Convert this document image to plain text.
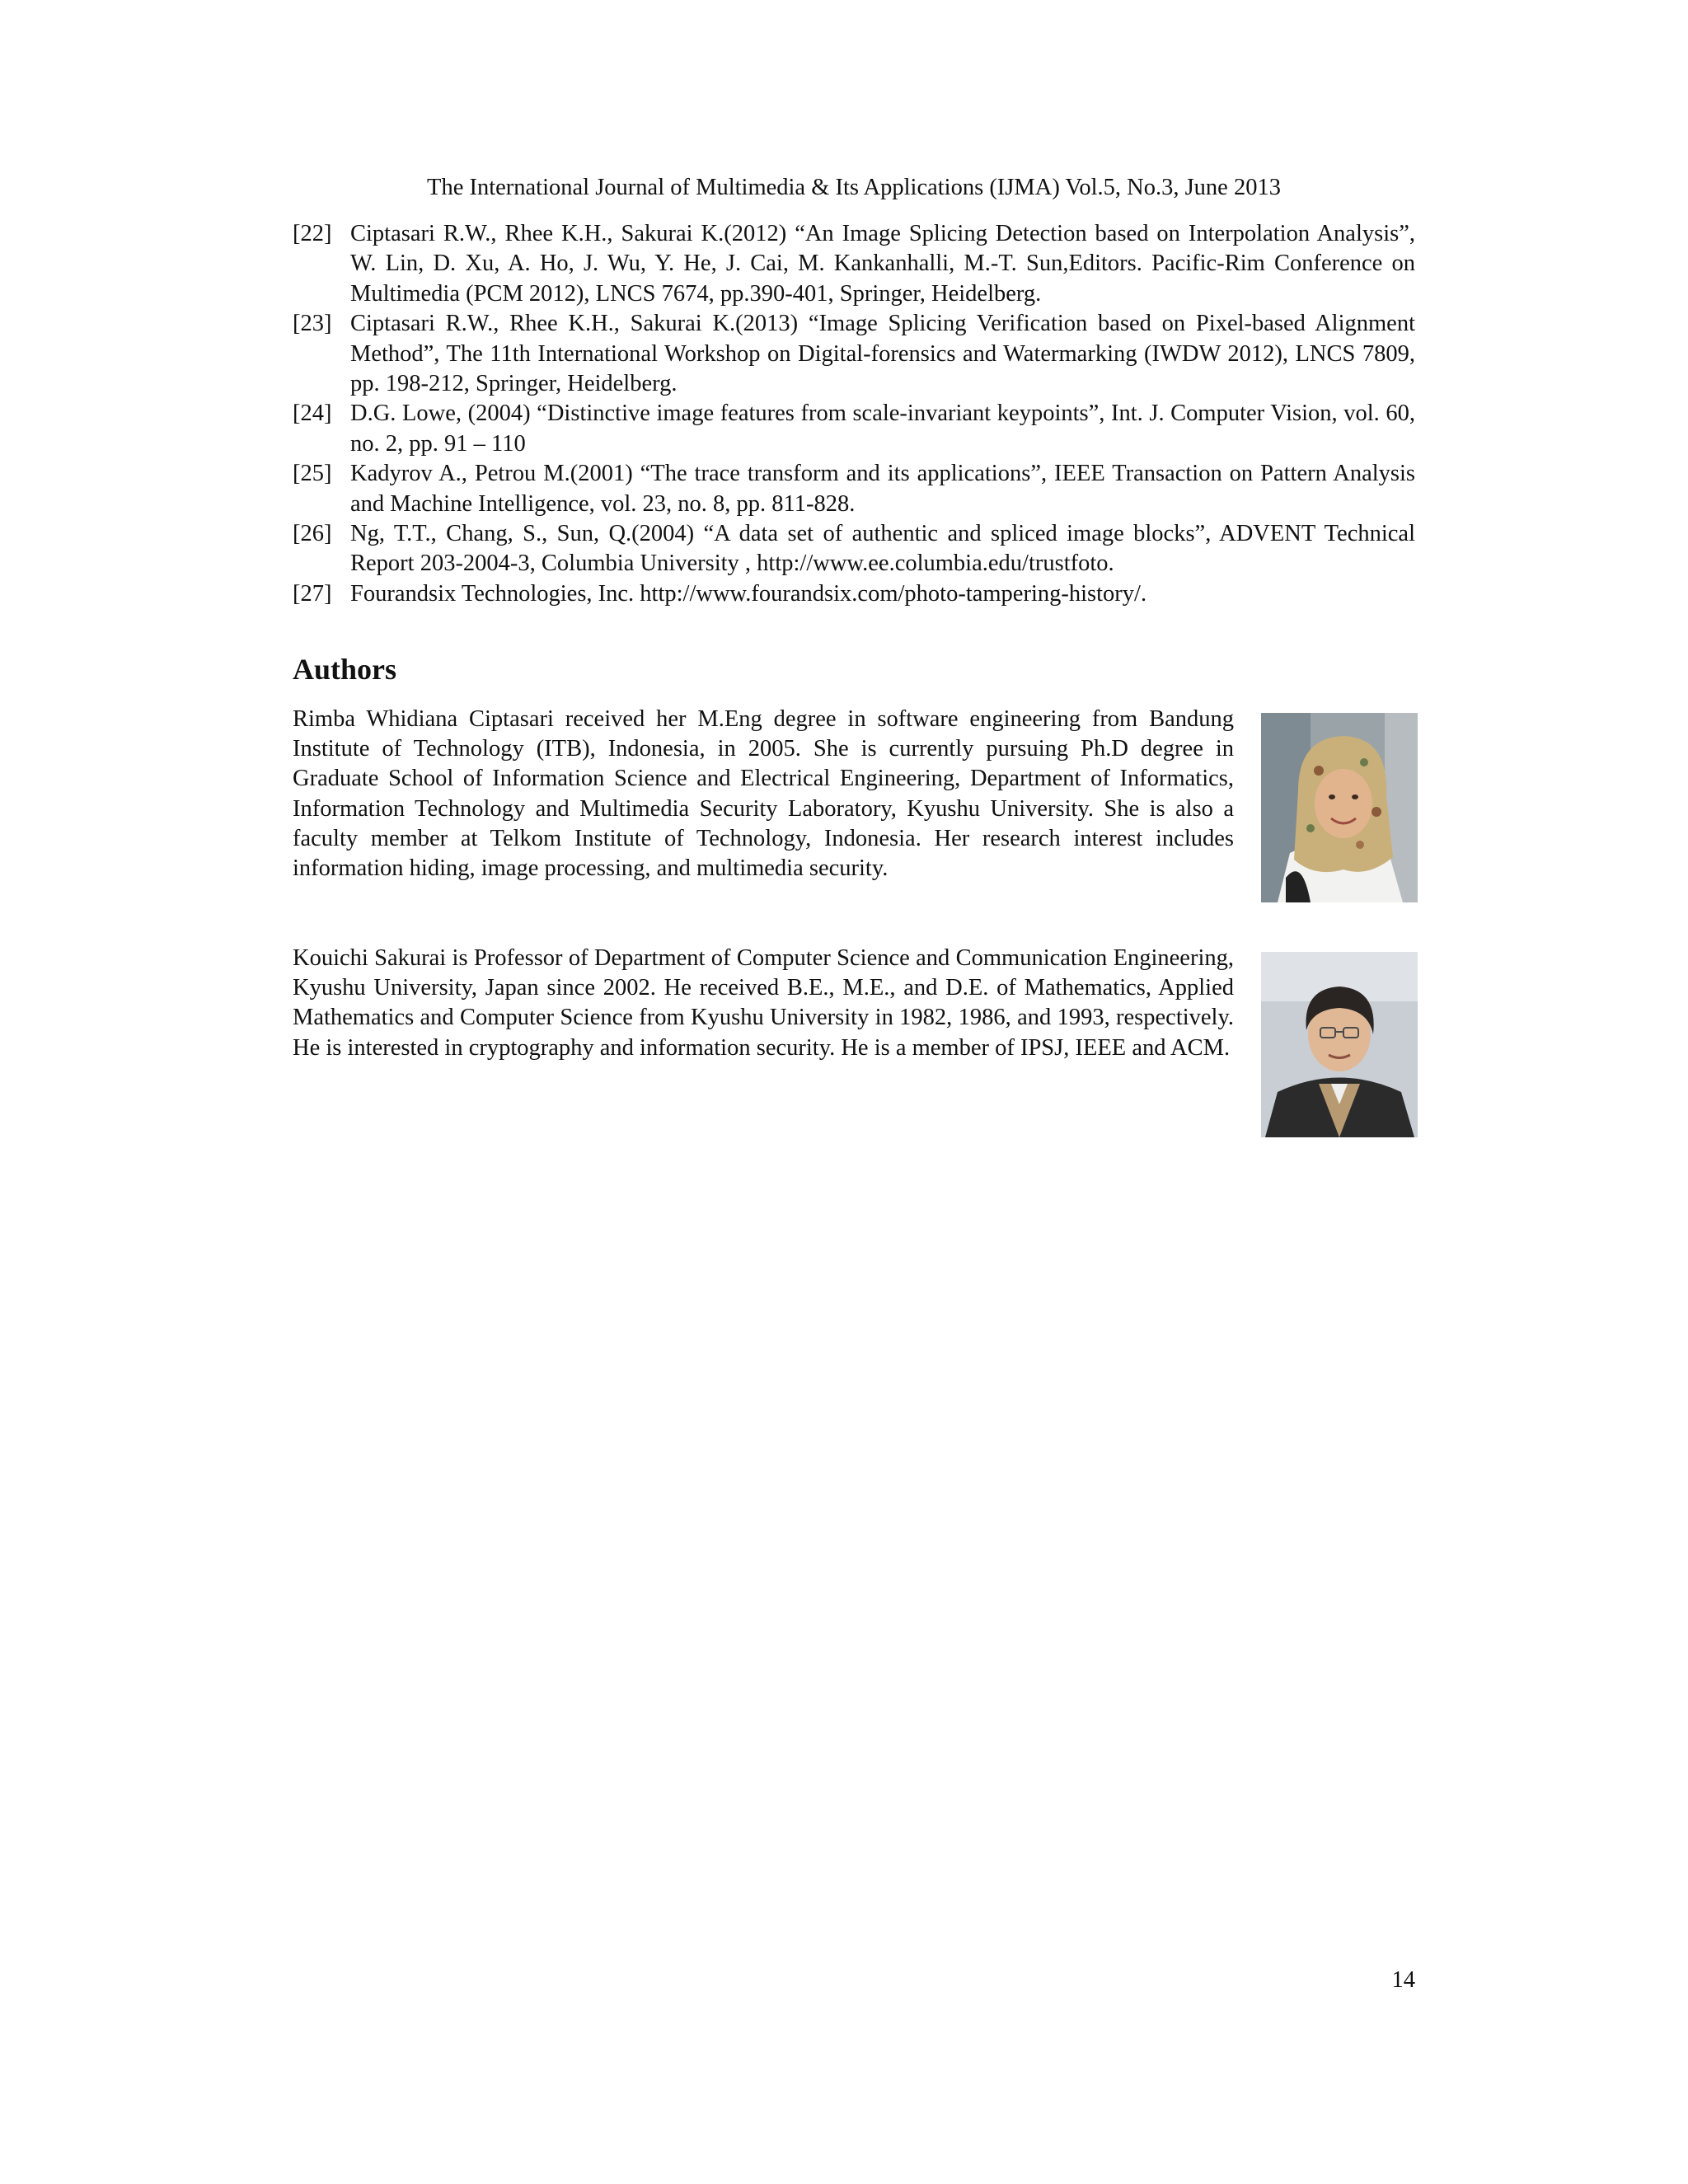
The International Journal of Multimedia & Its Applications (IJMA) Vol.5, No.3, June 2013
[22] Ciptasari R.W., Rhee K.H., Sakurai K.(2012) “An Image Splicing Detection based on Interpolation Analysis”, W. Lin, D. Xu, A. Ho, J. Wu, Y. He, J. Cai, M. Kankanhalli, M.-T. Sun,Editors. Pacific-Rim Conference on Multimedia (PCM 2012), LNCS 7674, pp.390-401, Springer, Heidelberg.
[23] Ciptasari R.W., Rhee K.H., Sakurai K.(2013) “Image Splicing Verification based on Pixel-based Alignment Method”, The 11th International Workshop on Digital-forensics and Watermarking (IWDW 2012), LNCS 7809, pp. 198-212, Springer, Heidelberg.
[24] D.G. Lowe, (2004) “Distinctive image features from scale-invariant keypoints”, Int. J. Computer Vision, vol. 60, no. 2, pp. 91 – 110
[25] Kadyrov A., Petrou M.(2001) “The trace transform and its applications”, IEEE Transaction on Pattern Analysis and Machine Intelligence, vol. 23, no. 8, pp. 811-828.
[26] Ng, T.T., Chang, S., Sun, Q.(2004) “A data set of authentic and spliced image blocks”, ADVENT Technical Report 203-2004-3, Columbia University , http://www.ee.columbia.edu/trustfoto.
[27] Fourandsix Technologies, Inc. http://www.fourandsix.com/photo-tampering-history/.
Authors

Rimba Whidiana Ciptasari received her M.Eng degree in software engineering from Bandung Institute of Technology (ITB), Indonesia, in 2005. She is currently pursuing Ph.D degree in Graduate School of Information Science and Electrical Engineering, Department of Informatics, Information Technology and Multimedia Security Laboratory, Kyushu University. She is also a faculty member at Telkom Institute of Technology, Indonesia. Her research interest includes information hiding, image processing, and multimedia security.

Kouichi Sakurai is Professor of Department of Computer Science and Communication Engineering, Kyushu University, Japan since 2002. He received B.E., M.E., and D.E. of Mathematics, Applied Mathematics and Computer Science from Kyushu University in 1982, 1986, and 1993, respectively. He is interested in cryptography and information security. He is a member of IPSJ, IEEE and ACM.

14
